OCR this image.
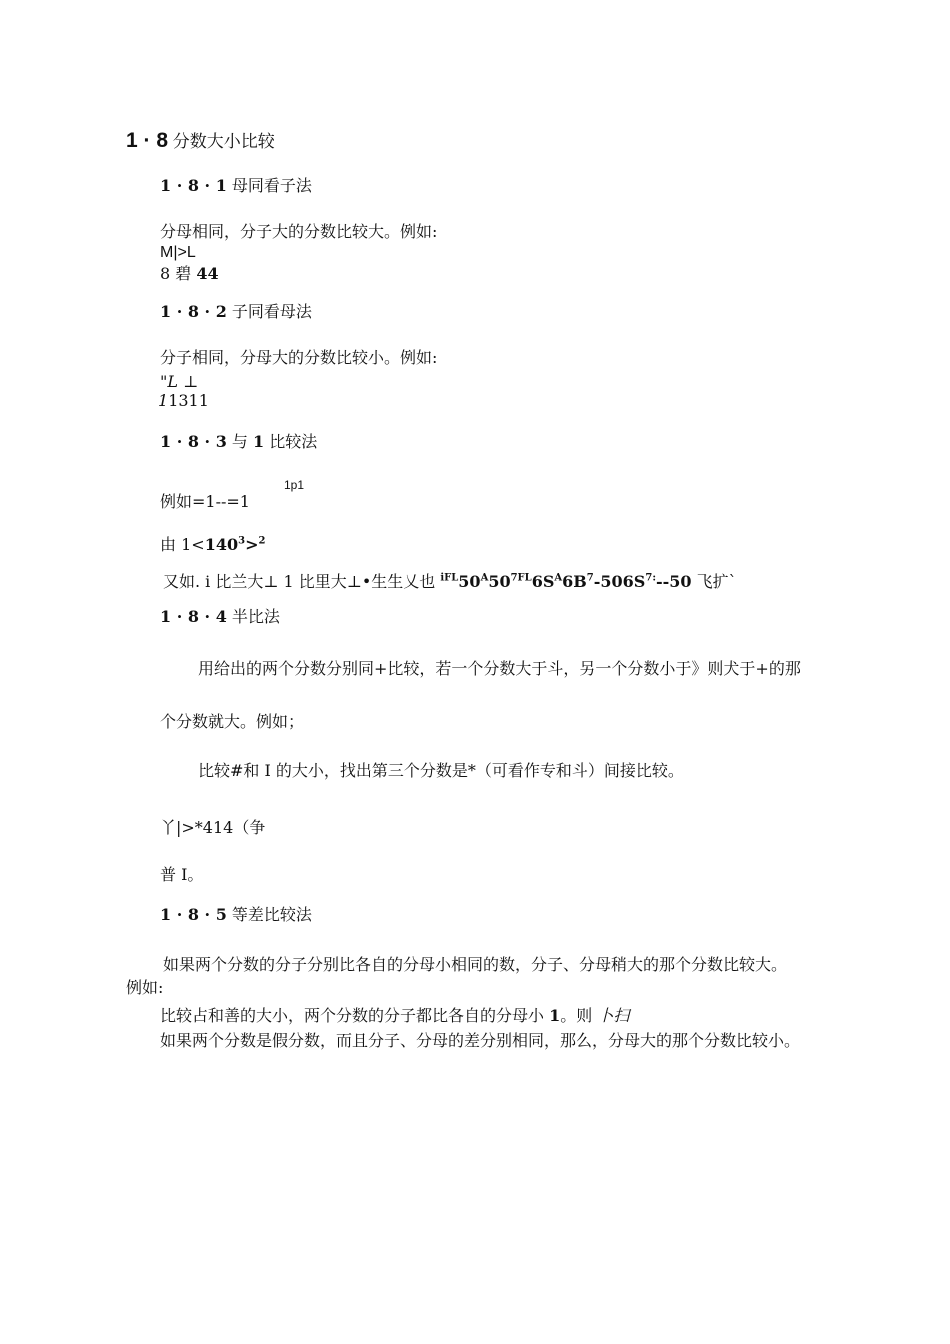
1 · 8 分数大小比较
1 · 8 · 1 母同看子法
分母相同，分子大的分数比较大。例如:
M|>L
8 碧 44
1 · 8 · 2 子同看母法
分子相同，分母大的分数比较小。例如:
"L ⊥
11311
1 · 8 · 3 与 1 比较法
1p1
例如=1--=1
由 $1<140^3>^2$
又如. i 比兰大⊥ 1 比里大⊥•生生乂也 $^{iFL}50^A50^{7FL}6S^A6B^7-506S^{7:}--50$ 飞扩`
1 · 8 · 4 半比法
用给出的两个分数分别同+比较，若一个分数大于斗，另一个分数小于》则犬于+的那
个分数就大。例如；
比较#和 I 的大小，找出第三个分数是*（可看作专和斗）间接比较。
丫|>*414（争
普 I。
1 · 8 · 5 等差比较法
如果两个分数的分子分别比各自的分母小相同的数，分子、分母稍大的那个分数比较大。
例如:
比较占和善的大小，两个分数的分子都比各自的分母小 1。则 卜扫
如果两个分数是假分数，而且分子、分母的差分别相同，那么，分母大的那个分数比较小。
